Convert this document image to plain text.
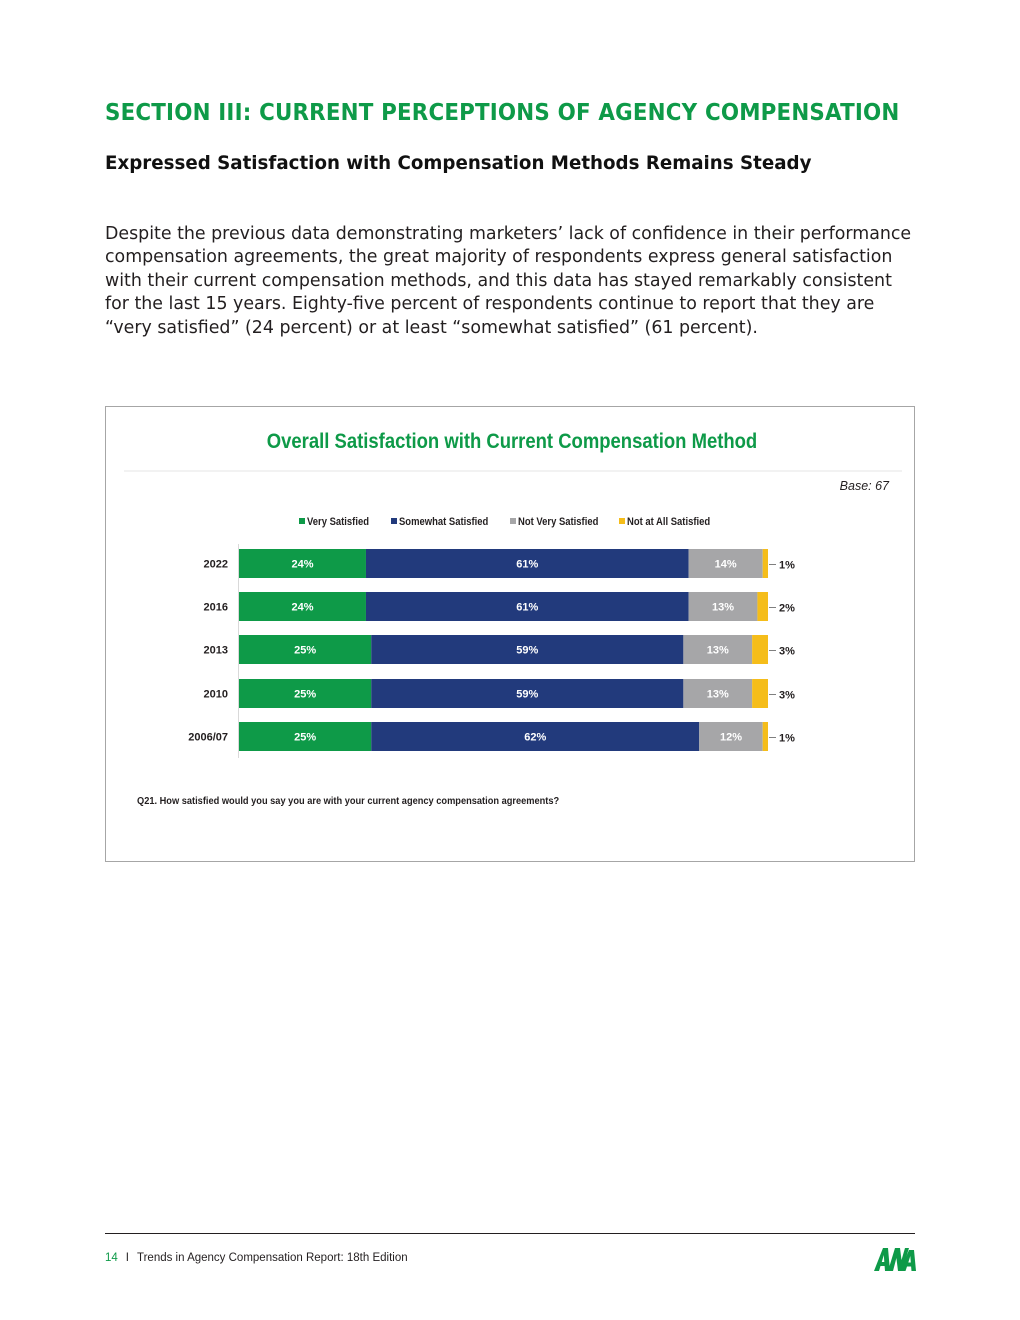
SECTION III: CURRENT PERCEPTIONS OF AGENCY COMPENSATION
Expressed Satisfaction with Compensation Methods Remains Steady

Despite the previous data demonstrating marketers’ lack of confidence in their performance compensation agreements, the great majority of respondents express general satisfaction with their current compensation methods, and this data has stayed remarkably consistent for the last 15 years. Eighty-five percent of respondents continue to report that they are “very satisfied” (24 percent) or at least “somewhat satisfied” (61 percent).

Overall Satisfaction with Current Compensation Method
Base: 67
Very Satisfied	Somewhat Satisfied	Not Very Satisfied	Not at All Satisfied
2022	24%	61%	14%	1%
2016	24%	61%	13%	2%
2013	25%	59%	13%	3%
2010	25%	59%	13%	3%
2006/07	25%	62%	12%	1%
Q21. How satisfied would you say you are with your current agency compensation agreements?
14 I Trends in Agency Compensation Report: 18th Edition
